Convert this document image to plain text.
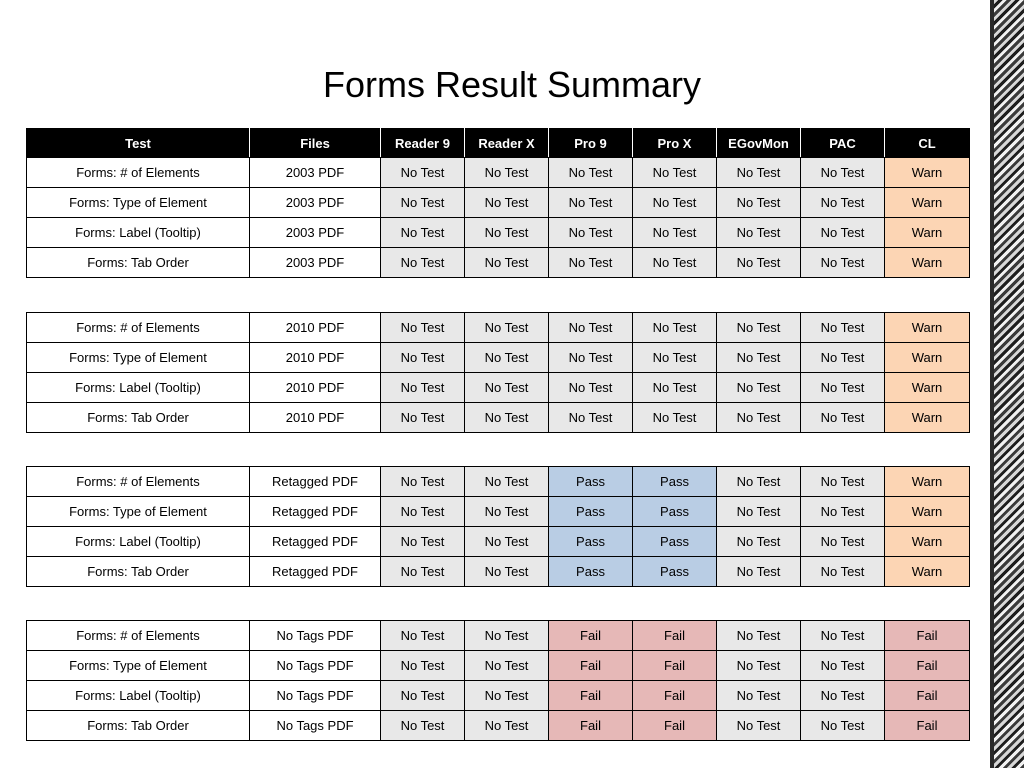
Forms Result Summary
Test	Files	Reader 9	Reader X	Pro 9	Pro X	EGovMon	PAC	CL
Forms: # of Elements	2003 PDF	No Test	No Test	No Test	No Test	No Test	No Test	Warn
Forms: Type of Element	2003 PDF	No Test	No Test	No Test	No Test	No Test	No Test	Warn
Forms: Label (Tooltip)	2003 PDF	No Test	No Test	No Test	No Test	No Test	No Test	Warn
Forms: Tab Order	2003 PDF	No Test	No Test	No Test	No Test	No Test	No Test	Warn
Forms: # of Elements	2010 PDF	No Test	No Test	No Test	No Test	No Test	No Test	Warn
Forms: Type of Element	2010 PDF	No Test	No Test	No Test	No Test	No Test	No Test	Warn
Forms: Label (Tooltip)	2010 PDF	No Test	No Test	No Test	No Test	No Test	No Test	Warn
Forms: Tab Order	2010 PDF	No Test	No Test	No Test	No Test	No Test	No Test	Warn
Forms: # of Elements	Retagged PDF	No Test	No Test	Pass	Pass	No Test	No Test	Warn
Forms: Type of Element	Retagged PDF	No Test	No Test	Pass	Pass	No Test	No Test	Warn
Forms: Label (Tooltip)	Retagged PDF	No Test	No Test	Pass	Pass	No Test	No Test	Warn
Forms: Tab Order	Retagged PDF	No Test	No Test	Pass	Pass	No Test	No Test	Warn
Forms: # of Elements	No Tags PDF	No Test	No Test	Fail	Fail	No Test	No Test	Fail
Forms: Type of Element	No Tags PDF	No Test	No Test	Fail	Fail	No Test	No Test	Fail
Forms: Label (Tooltip)	No Tags PDF	No Test	No Test	Fail	Fail	No Test	No Test	Fail
Forms: Tab Order	No Tags PDF	No Test	No Test	Fail	Fail	No Test	No Test	Fail
